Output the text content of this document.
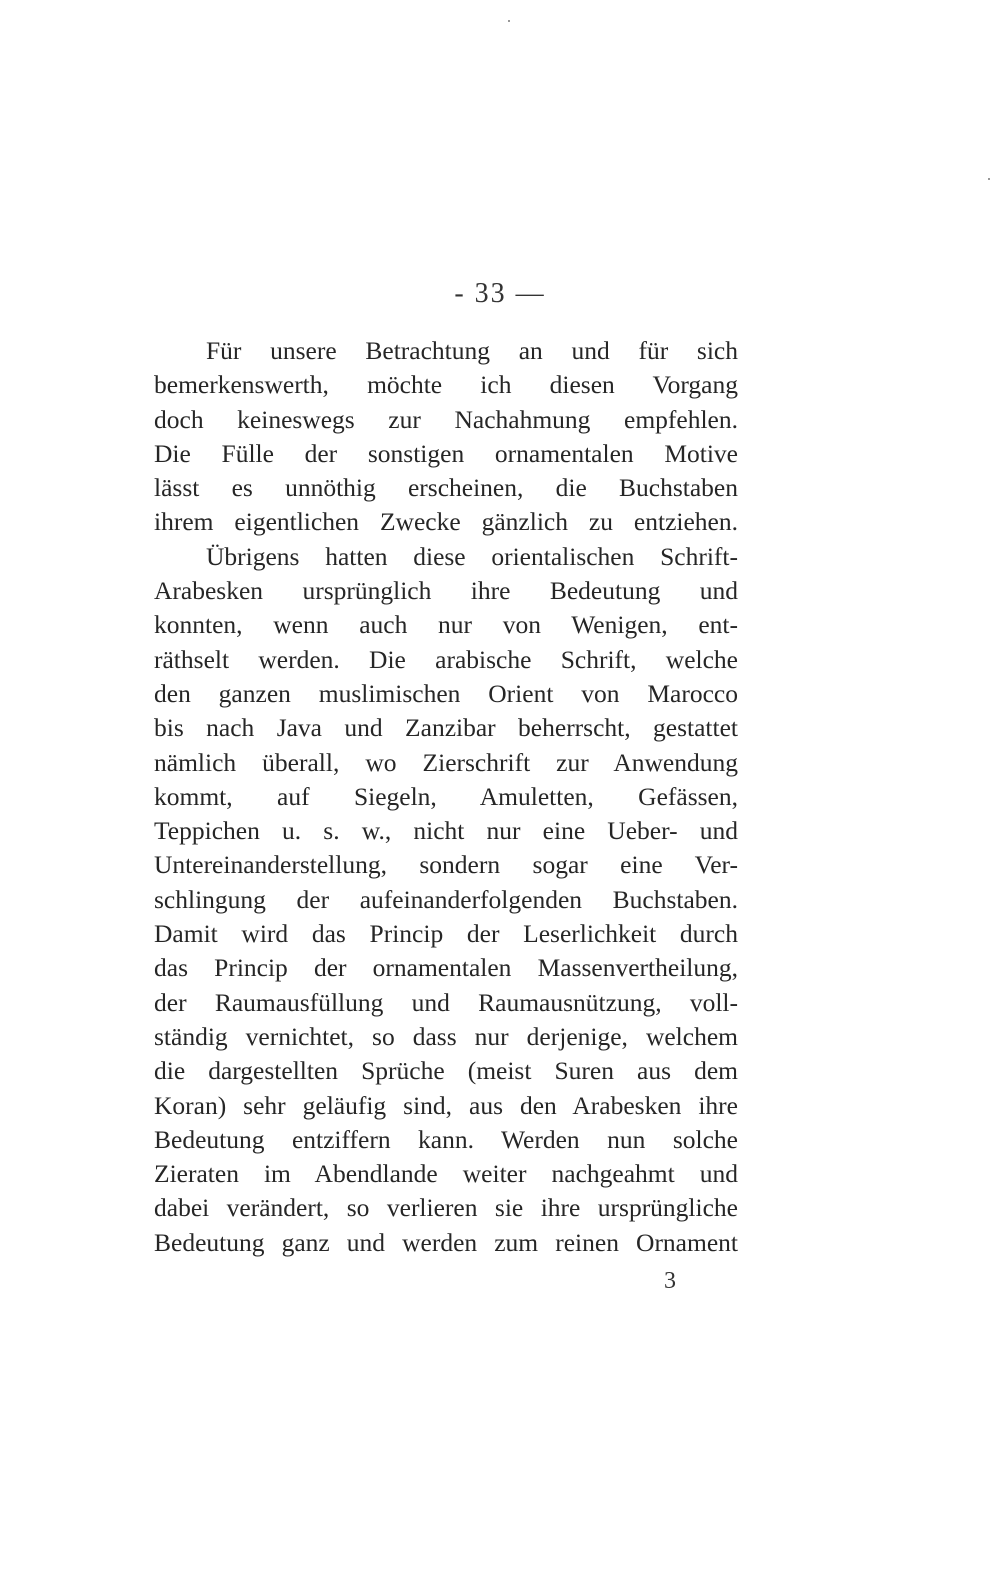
- 33 —
Für unsere Betrachtung an und für sich
bemerkenswerth, möchte ich diesen Vorgang
doch keineswegs zur Nachahmung empfehlen.
Die Fülle der sonstigen ornamentalen Motive
lässt es unnöthig erscheinen, die Buchstaben
ihrem eigentlichen Zwecke gänzlich zu entziehen.
Übrigens hatten diese orientalischen Schrift-
Arabesken ursprünglich ihre Bedeutung und
konnten, wenn auch nur von Wenigen, ent-
räthselt werden. Die arabische Schrift, welche
den ganzen muslimischen Orient von Marocco
bis nach Java und Zanzibar beherrscht, gestattet
nämlich überall, wo Zierschrift zur Anwendung
kommt, auf Siegeln, Amuletten, Gefässen,
Teppichen u. s. w., nicht nur eine Ueber- und
Untereinanderstellung, sondern sogar eine Ver-
schlingung der aufeinanderfolgenden Buchstaben.
Damit wird das Princip der Leserlichkeit durch
das Princip der ornamentalen Massenvertheilung,
der Raumausfüllung und Raumausnützung, voll-
ständig vernichtet, so dass nur derjenige, welchem
die dargestellten Sprüche (meist Suren aus dem
Koran) sehr geläufig sind, aus den Arabesken ihre
Bedeutung entziffern kann. Werden nun solche
Zieraten im Abendlande weiter nachgeahmt und
dabei verändert, so verlieren sie ihre ursprüngliche
Bedeutung ganz und werden zum reinen Ornament
3
